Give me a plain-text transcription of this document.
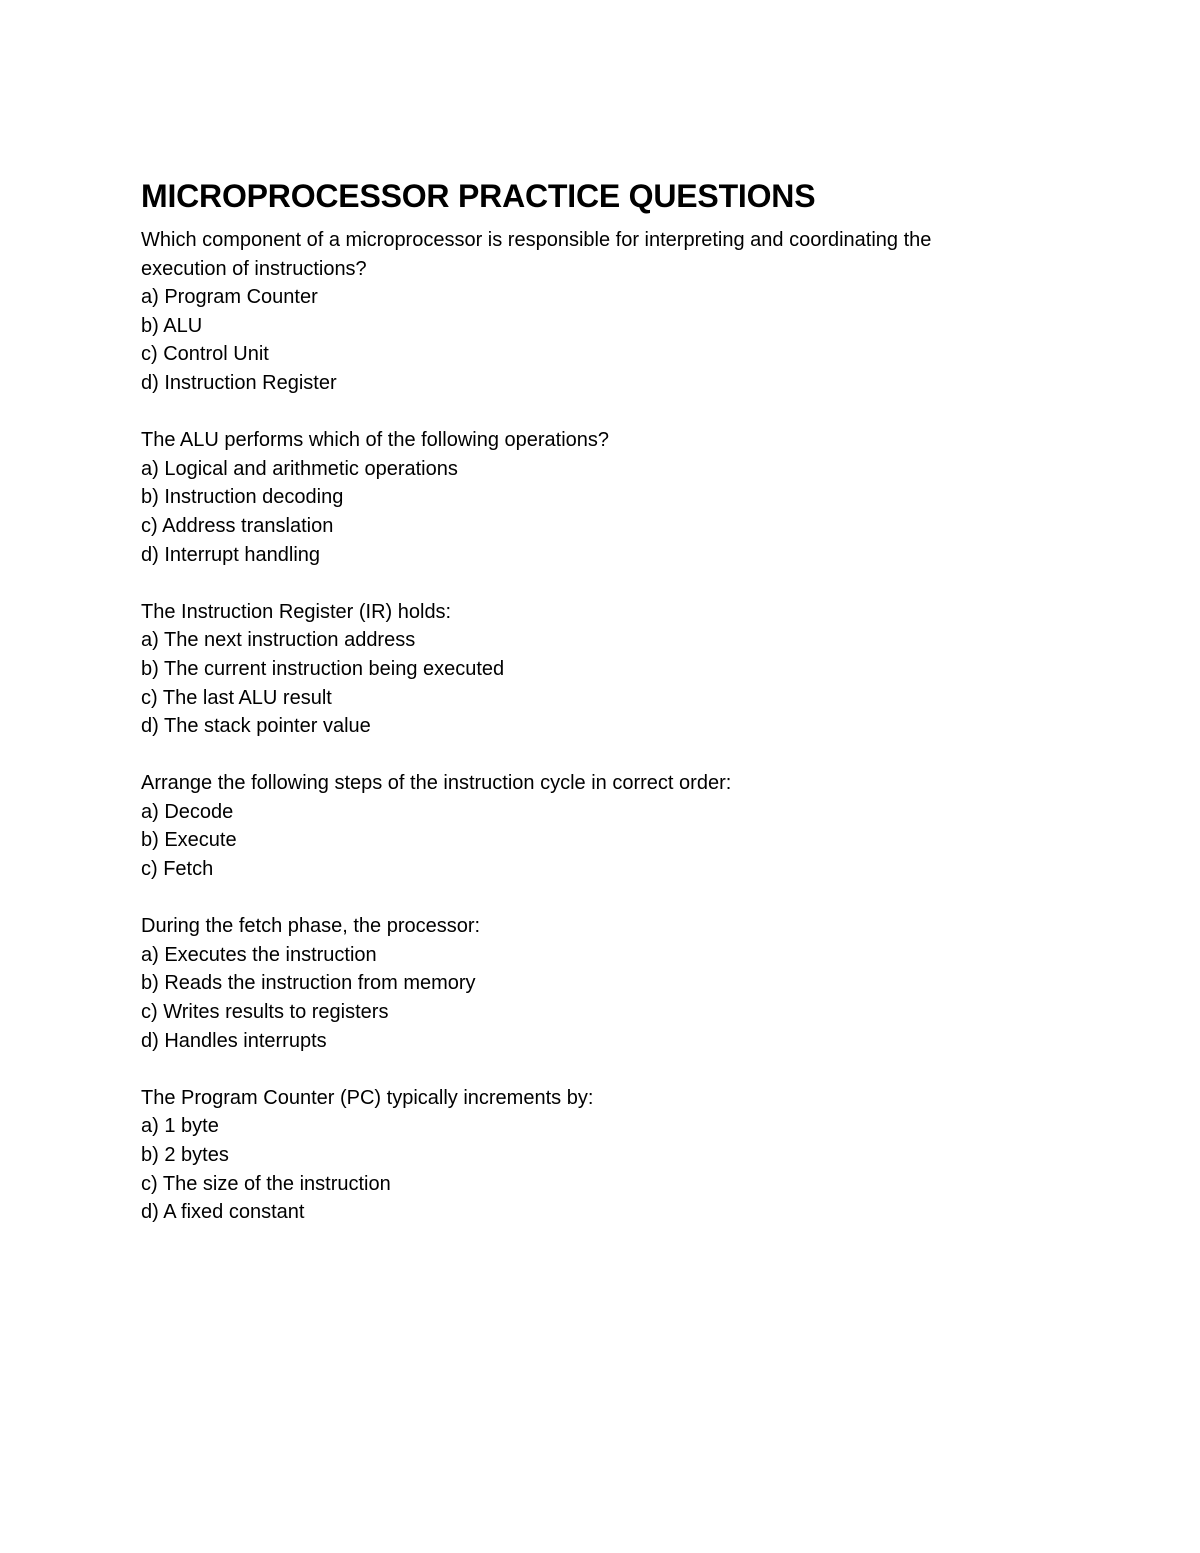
MICROPROCESSOR PRACTICE QUESTIONS
Which component of a microprocessor is responsible for interpreting and coordinating the
execution of instructions?
a) Program Counter
b) ALU
c) Control Unit
d) Instruction Register
The ALU performs which of the following operations?
a) Logical and arithmetic operations
b) Instruction decoding
c) Address translation
d) Interrupt handling
The Instruction Register (IR) holds:
a) The next instruction address
b) The current instruction being executed
c) The last ALU result
d) The stack pointer value
Arrange the following steps of the instruction cycle in correct order:
a) Decode
b) Execute
c) Fetch
During the fetch phase, the processor:
a) Executes the instruction
b) Reads the instruction from memory
c) Writes results to registers
d) Handles interrupts
The Program Counter (PC) typically increments by:
a) 1 byte
b) 2 bytes
c) The size of the instruction
d) A fixed constant
